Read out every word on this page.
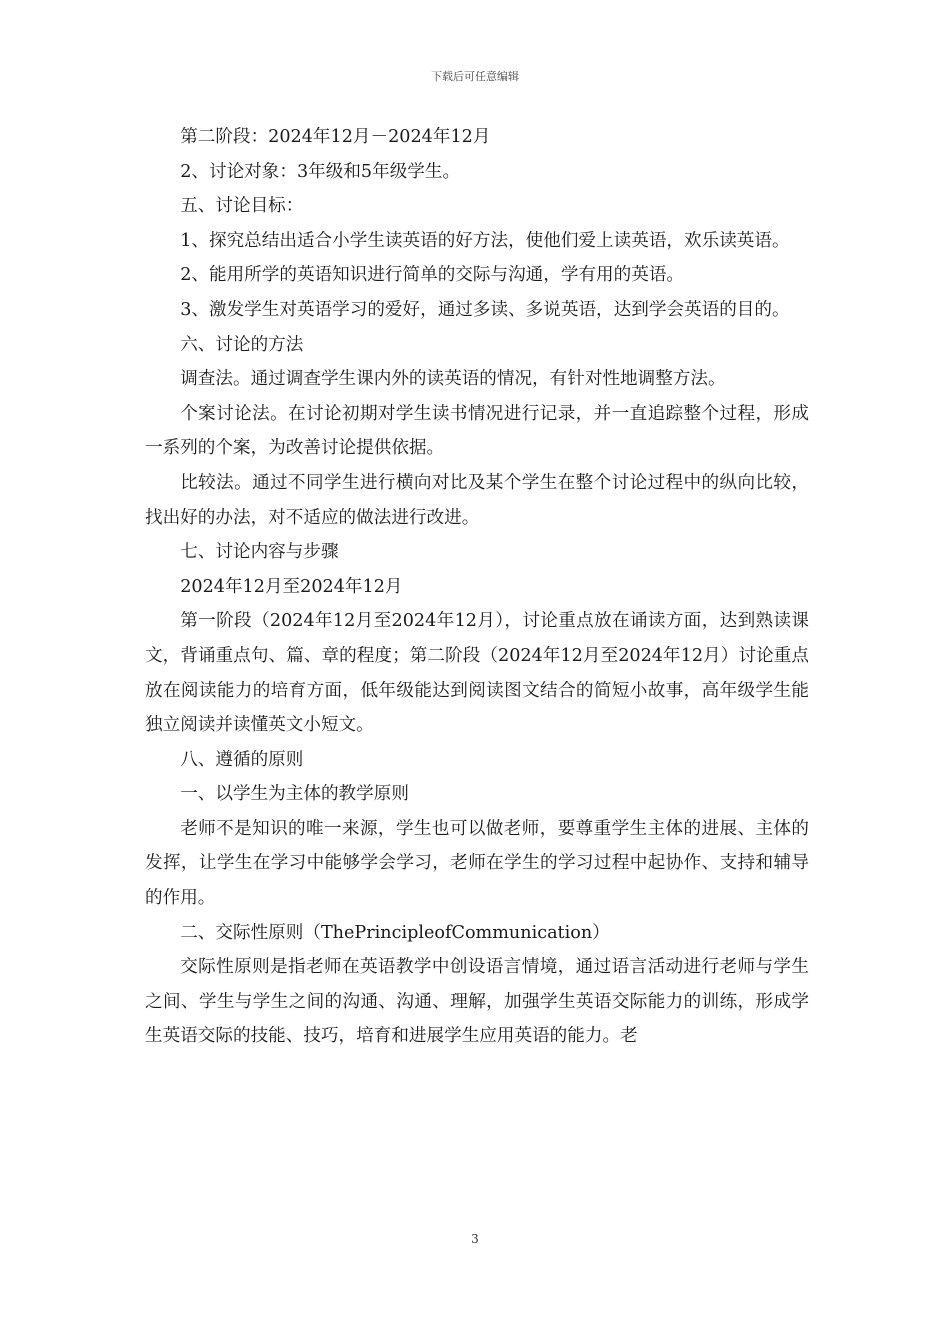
下载后可任意编辑

第二阶段：2024年12月－2024年12月

2、讨论对象：3年级和5年级学生。

五、讨论目标：

1、探究总结出适合小学生读英语的好方法，使他们爱上读英语，欢乐读英语。

2、能用所学的英语知识进行简单的交际与沟通，学有用的英语。

3、激发学生对英语学习的爱好，通过多读、多说英语，达到学会英语的目的。

六、讨论的方法

调查法。通过调查学生课内外的读英语的情况，有针对性地调整方法。

个案讨论法。在讨论初期对学生读书情况进行记录，并一直追踪整个过程，形成一系列的个案，为改善讨论提供依据。

比较法。通过不同学生进行横向对比及某个学生在整个讨论过程中的纵向比较，找出好的办法，对不适应的做法进行改进。

七、讨论内容与步骤

2024年12月至2024年12月

第一阶段（2024年12月至2024年12月），讨论重点放在诵读方面，达到熟读课文，背诵重点句、篇、章的程度；第二阶段（2024年12月至2024年12月）讨论重点放在阅读能力的培育方面，低年级能达到阅读图文结合的简短小故事，高年级学生能独立阅读并读懂英文小短文。

八、遵循的原则

一、以学生为主体的教学原则

老师不是知识的唯一来源，学生也可以做老师，要尊重学生主体的进展、主体的发挥，让学生在学习中能够学会学习，老师在学生的学习过程中起协作、支持和辅导的作用。

二、交际性原则（ThePrincipleofCommunication）

交际性原则是指老师在英语教学中创设语言情境，通过语言活动进行老师与学生之间、学生与学生之间的沟通、沟通、理解，加强学生英语交际能力的训练，形成学生英语交际的技能、技巧，培育和进展学生应用英语的能力。老

3
